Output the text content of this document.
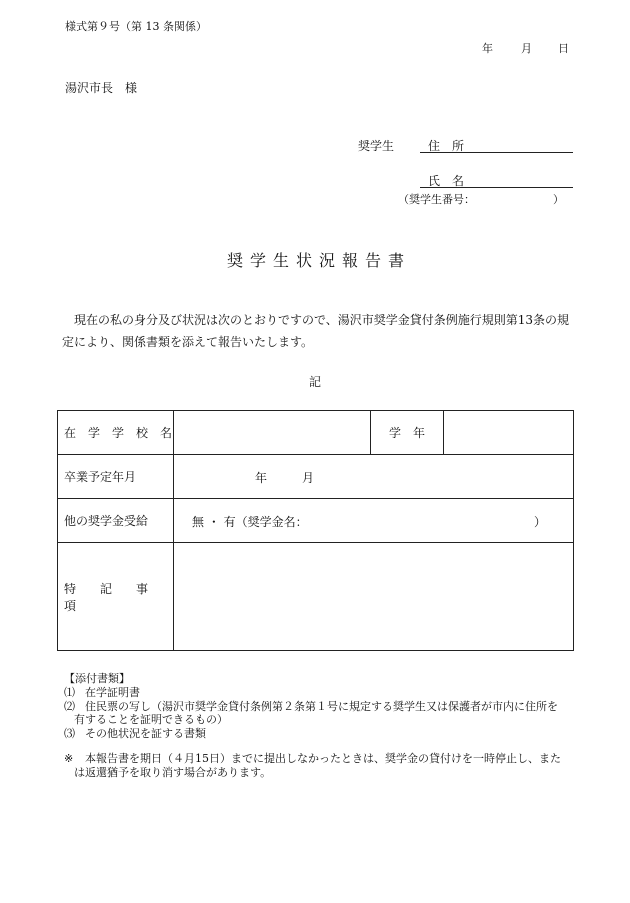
様式第９号（第 13 条関係）
年	月 日
湯沢市長　様
奨学生	住　所
氏　名
（奨学生番号：	）
奨学生状況報告書
現在の私の身分及び状況は次のとおりですので、湯沢市奨学金貸付条例施行規則第13条の規定により、関係書類を添えて報告いたします。
記
在　学　学　校　名		学　年	
卒業予定年月	年 月		

他の奨学金受給	無 ・ 有（奨学金名： ）		

特　　記　　事　　項			
【添付書類】
⑴ 在学証明書
⑵ 住民票の写し（湯沢市奨学金貸付条例第２条第１号に規定する奨学生又は保護者が市内に住所を
有することを証明できるもの）
⑶ その他状況を証する書類
※ 本報告書を期日（４月15日）までに提出しなかったときは、奨学金の貸付けを一時停止し、また
は返還猶予を取り消す場合があります。
